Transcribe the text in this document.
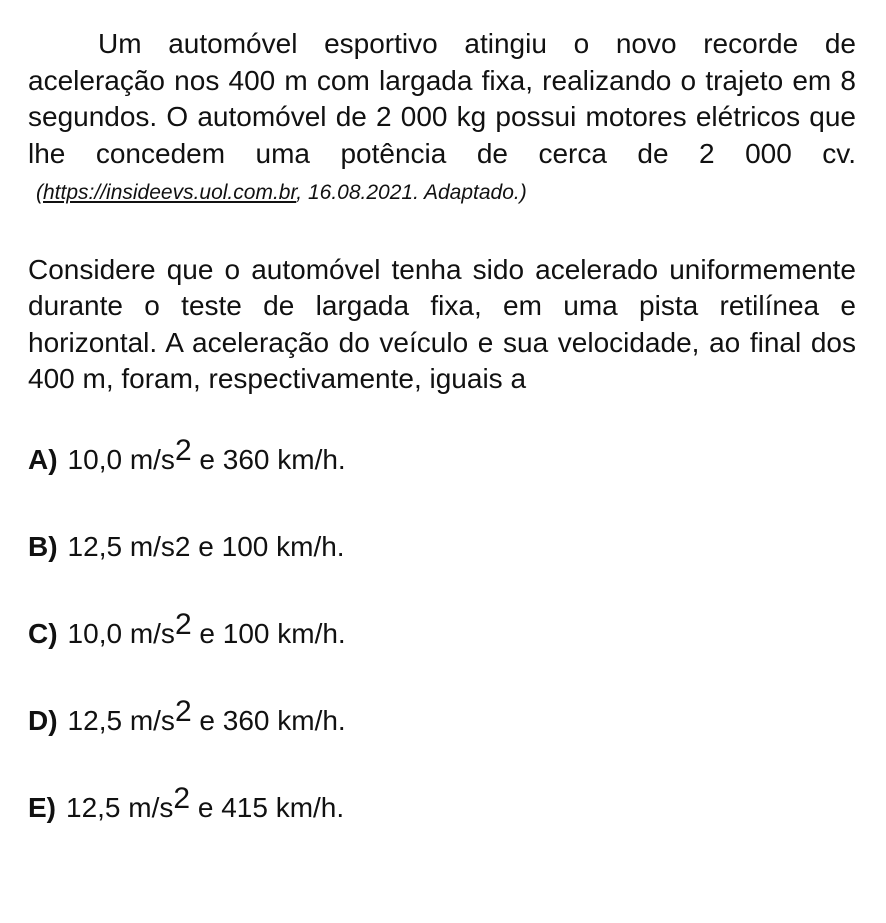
Um automóvel esportivo atingiu o novo recorde de aceleração nos 400 m com largada fixa, realizando o trajeto em 8 segundos. O automóvel de 2 000 kg possui motores elétricos que lhe concedem uma potência de cerca de 2 000 cv.(https://insideevs.uol.com.br, 16.08.2021. Adaptado.)

Considere que o automóvel tenha sido acelerado uniformemente durante o teste de largada fixa, em uma pista retilínea e horizontal. A aceleração do veículo e sua velocidade, ao final dos 400 m, foram, respectivamente, iguais a

A) 10,0 m/s 2 e 360 km/h.
B) 12,5 m/s2 e 100 km/h.
C) 10,0 m/s 2 e 100 km/h.
D) 12,5 m/s 2 e 360 km/h.
E) 12,5 m/s 2 e 415 km/h.
